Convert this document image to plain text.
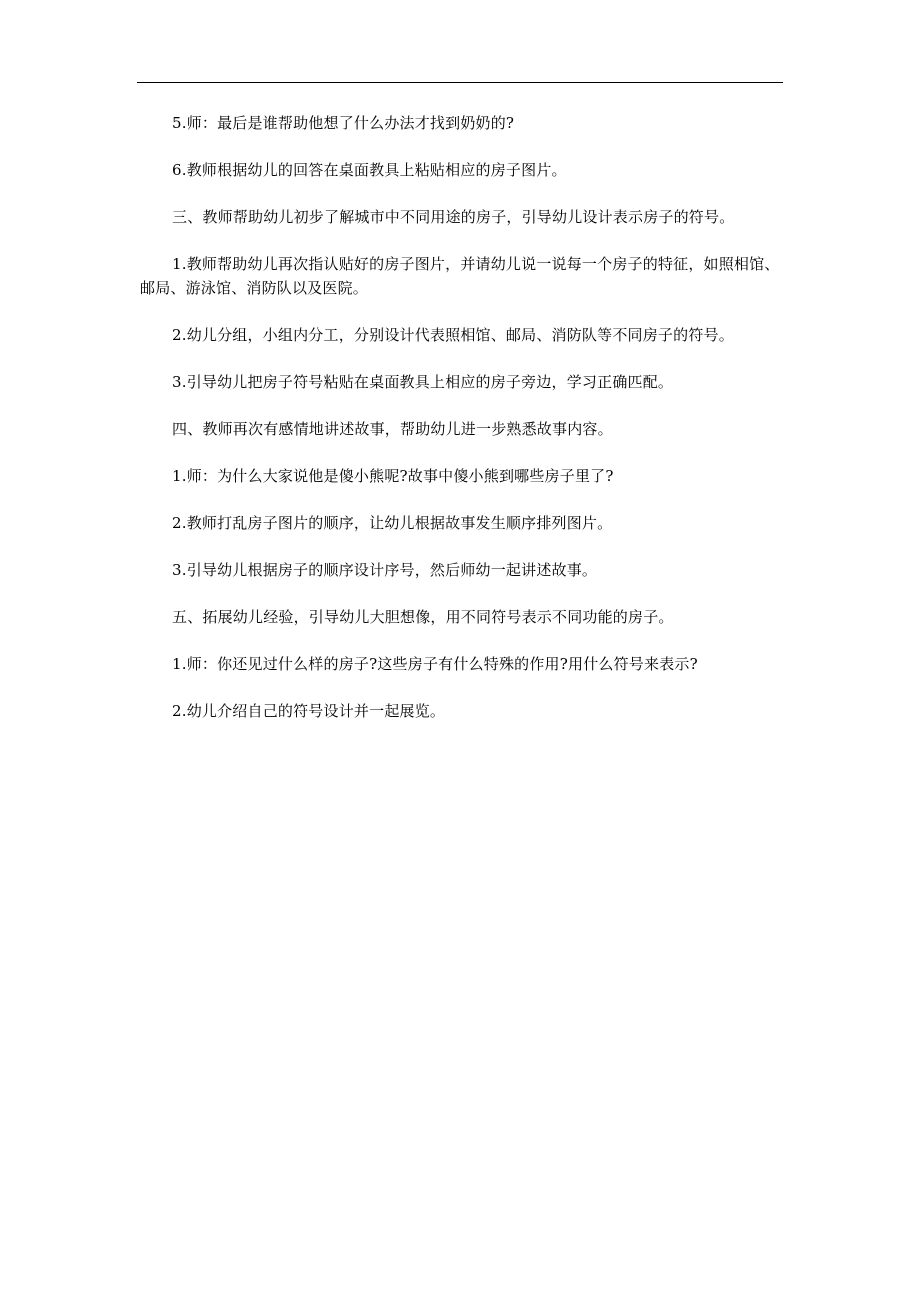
5.师：最后是谁帮助他想了什么办法才找到奶奶的?

6.教师根据幼儿的回答在桌面教具上粘贴相应的房子图片。

三、教师帮助幼儿初步了解城市中不同用途的房子，引导幼儿设计表示房子的符号。

1.教师帮助幼儿再次指认贴好的房子图片，并请幼儿说一说每一个房子的特征，如照相馆、邮局、游泳馆、消防队以及医院。

2.幼儿分组，小组内分工，分别设计代表照相馆、邮局、消防队等不同房子的符号。

3.引导幼儿把房子符号粘贴在桌面教具上相应的房子旁边，学习正确匹配。

四、教师再次有感情地讲述故事，帮助幼儿进一步熟悉故事内容。

1.师：为什么大家说他是傻小熊呢?故事中傻小熊到哪些房子里了?

2.教师打乱房子图片的顺序，让幼儿根据故事发生顺序排列图片。

3.引导幼儿根据房子的顺序设计序号，然后师幼一起讲述故事。

五、拓展幼儿经验，引导幼儿大胆想像，用不同符号表示不同功能的房子。

1.师：你还见过什么样的房子?这些房子有什么特殊的作用?用什么符号来表示?

2.幼儿介绍自己的符号设计并一起展览。
